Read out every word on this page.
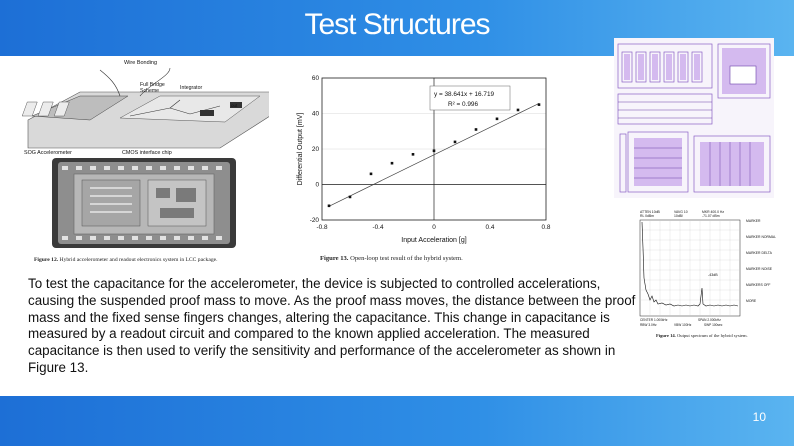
Test Structures
Wire Bonding
Full Bridge
Scheme	Integrator
out
SOG Accelerometer	CMOS interface chip
Figure 12. Hybrid accelerometer and readout electronics system in LCC package.
-0.8	-0.4	0	0.4	0.8
-20
0
20
40
60
y = 38.641x + 16.719
R² = 0.996
Input Acceleration [g]
Differential Output [mV]
Figure 13. Open-loop test result of the hybrid system.
ATTEN 10dB
RL 0dBm
VAVG 10
10dB/
MKR 400.0 Hz
-71.07 dBm
-43dB
CENTER 1.000kHz	SPAN 2.000kHz
RBW 3.0Hz	VBW 100Hz	SWP 100sec
MARKER
MARKER NORMAL
MARKER DELTA
MARKER NOISE
MARKERS OFF
MORE
Figure 14. Output spectrum of the hybrid system.
To test the capacitance for the accelerometer, the device is subjected to controlled accelerations, causing the suspended proof mass to move. As the proof mass moves, the distance between the proof mass and the fixed sense fingers changes, altering the capacitance. This change in capacitance is measured by a readout circuit and compared to the known applied acceleration. The measured capacitance is then used to verify the sensitivity and performance of the accelerometer as shown in Figure 13.
10
